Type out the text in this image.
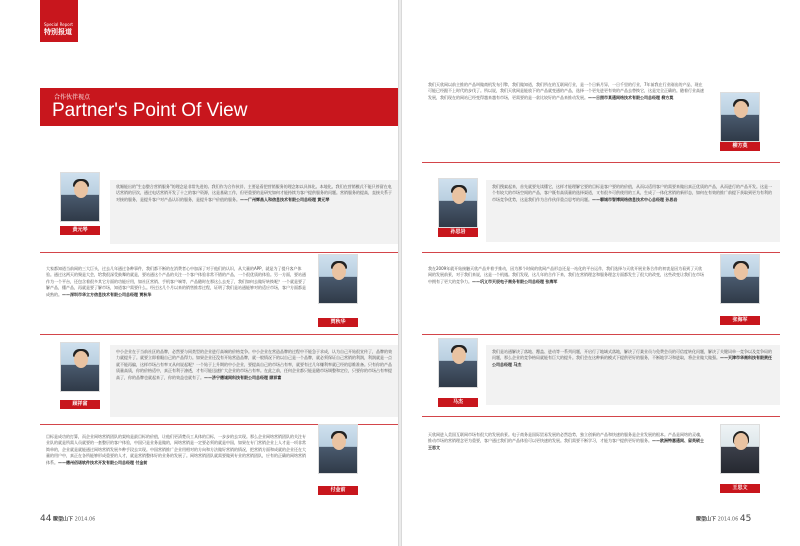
Special Report
特别报道
合作伙伴视点
Partner's Point Of View
黄元琴
欣媚能出的"生态整合营销服务"的理念是非常先进的。我们作为合作伙伴，主要是看把营销服务的理念如以具体化。本地化。我们在营销模式不能只停留在电话营销的层次，通过电话营销开发了十之的客户资源，这是基础工作，但更重要的是研究如何才能持续为客户提供服务的问题。营销服务的提高，直接关系于对接的服务，是提升客户对产品认识的服务，是提升客户价值的服务。——广州辉昌人和信息技术有限公司总经理 黄元琴
大家都知道当前网的三大巨头，过去几年通过各种事件，我们都不断的在消费者心中加深了对于他们的认识，从大量的APP，就是为了提升客户体验。通过这两天的聚是大会，给我很深受鼓舞的就是，要站通这个产品的关注一个客户体验非常不错的产品，一个很优质的体验。另一方面，要站通作为一个平台，还包含着很多其它方面的功能应用，如社区营销、手机客户端等，产品随时在那这么去充了，我们如何去做好转换呢？一个就是要了解产品，懂产品，再就是要了解市场，知道客户需要什么。经过这几个月以来的销售推荐过程，证明了我们是站通能够对的适应市场，客户方面都是成熟的。——深圳市华立方信息技术有限公司总经理 贾秋华
贾秋华
顾祥富
中小企业在于当前社区的品牌，必然要与同类型的企业进行高端的价格竞争。中小企业在营造品牌的过程中不能急于求成，认为自己开始很宣传了，品牌的效力就提升了。就要立即着眼自己的产品得力。如果企业还没有开始营造品牌，就一般情况下的以自己是一个品牌，就必须保证自己营销的利润，利润就是一点就不能再偏，这样市场占有率又从何说起呢？一个始于上升期的中小企业，要提高自己的市场占有率，就要有过几年赚利率就已经的思维准备。只有你的产品质量高质，你的价格适中，真正有利于渗透，才有可能迅速扩大企业的市场占有率。在此之前，任何企业都只能是随市场调整和定位，只要你的市场占有率提高了，你的品牌也就起来了，你的效益也就有了。——济宁德诚网科技有限公司总经理 顾祥富
目标是成功的打算，而企业网络营销团队的架构是最目标的价值，让他们更清楚员工具体的目标，一步步的去实现。那么企业网络营销团队的关注专业队的就是所需人员就要的一套整层的客户体验，中国只是业务是做的，网络营销是一定要必须的就是中国，如果在专门营销企业上人才是一项非常简单的，企业就是就能通过网络营销发展多种手段去实现。中国营销推广企业用相对的方向和方法做好营销的情况，把营销方面和成就的企业还在大量的用户中，真正在各所能够形成重要的人才，就是营销整体好的业务的发展了。网络营销团队就需要做到专业的营销团队，应有的正确的网络营销体系。——德州佰诺软件技术开发有限公司总经理 付金前
付金前
44 瞭望山下 2014.06
我们天欣网以前主推的产品叫做商机发布引擎，我们做知道，我们所在的互联网行业，是一个日新月异，一日千里的行业，7年前我在行业刚出的产品，现在可能已经跟不上时代的步伐了。所以说，我们天欣网是能放下的产品就变通的产品，选择一个更先进更有效的产品去替换它，这是完全正确的。随着行业高速发展，我们现在的网站已经变得越来越有市场，更需要的是一款比较好的产品来推动发展。——日照市某通网络技术有限公司总经理 柳方莫
柳方莫
孙思岩
我们搜索起来，首先就要先读懂它，这样才能理解它要的目标是客户要的的价值，从而以适用客户的需要来做出真正优质的产品，从而进行的产品开发。这是一个有较大的市场空间的产品，客户既有高质量的选择渠道，又有很多可供使用的工具，生成了一体化营销的新形态，如何在有效的推广前提下获取到更为有利的市场竞争优势，这是我们作为合作伙伴重点思考的问题。——聊城市智博网络信息技术中心总经理 孙思岩
我在2009年就开始接触天欣产品并着手推动，因为那个时候的欣网产品形态还是一站化的平台运作，我们选择与天欣开展业务合作的初衷是因为看到了天欣网的发展前景，对于我们来说，这是一个机遇。我们发现，这几年的合作下来，我们在营销理念和服务理念方面都发生了很大的改变，这些改变让我们在市场中拥有了更大的竞争力。——巩义市天辰电子商务有限公司总经理 张海军
张海军
马杰
我们是站通解决了落地、覆盖、进动等一系列问题，开启行了地域式落地，解决了行業业员与免费会员的可信度转化问题，解决了关键词单一竞争以及竞争局的问题，那么企业的竞争格局就能有巨大的提升。我们会在这种新的模式下提供更好的服务，不断地学习和进取，将企业做大做强。——天津市华商科技有限责任公司总经理 马杰
天欣网进入美国互联网市场有很大的发展前景。电子商务是国际贸易发展的必然趋势，独立创新的产品和快速的服务是企业发展的根本。产品是网络的灵魂，推动市场的营销理念更为重要，客户通过我们的产品体验可以更快速的发展。我们需要不断学习，才能为客户提供更好的服务。——欧洲特惠通网、留英硕士 王思文
王思文
瞭望山下 2014.06 45
